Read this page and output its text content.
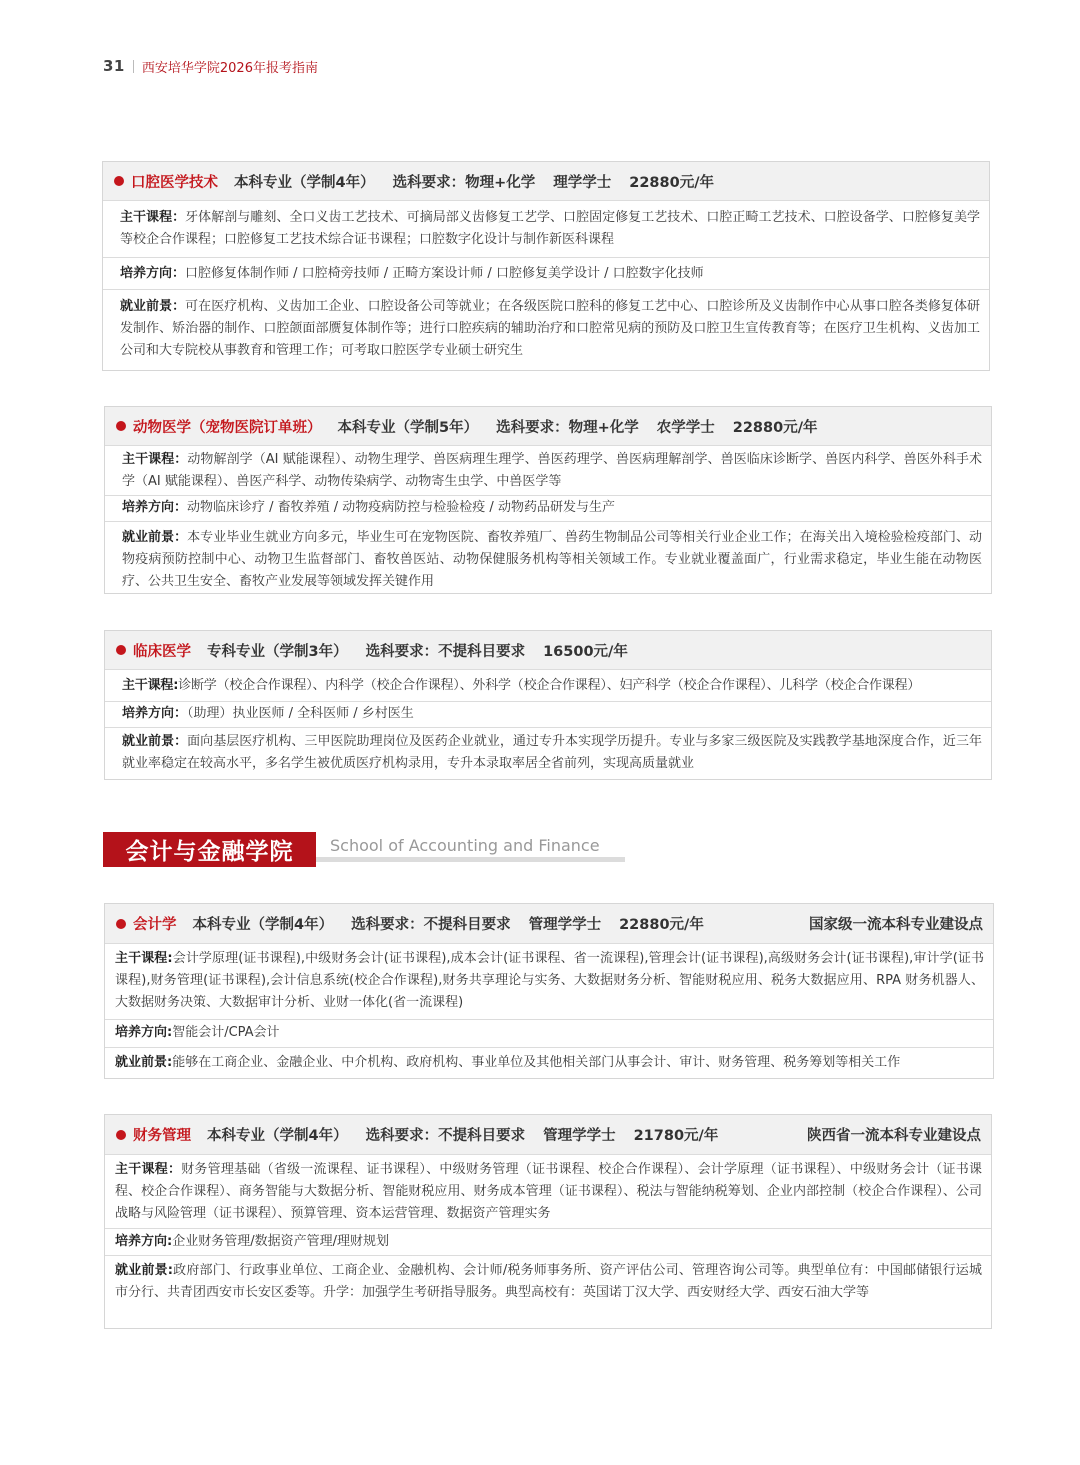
31 西安培华学院2026年报考指南
口腔医学技术 本科专业（学制4年） 选科要求：物理+化学 理学学士 22880元/年
主干课程：牙体解剖与雕刻、全口义齿工艺技术、可摘局部义齿修复工艺学、口腔固定修复工艺技术、口腔正畸工艺技术、口腔设备学、口腔修复美学等校企合作课程；口腔修复工艺技术综合证书课程；口腔数字化设计与制作新医科课程
培养方向：口腔修复体制作师 / 口腔椅旁技师 / 正畸方案设计师 / 口腔修复美学设计 / 口腔数字化技师
就业前景：可在医疗机构、义齿加工企业、口腔设备公司等就业；在各级医院口腔科的修复工艺中心、口腔诊所及义齿制作中心从事口腔各类修复体研发制作、矫治器的制作、口腔颌面部赝复体制作等；进行口腔疾病的辅助治疗和口腔常见病的预防及口腔卫生宣传教育等；在医疗卫生机构、义齿加工公司和大专院校从事教育和管理工作；可考取口腔医学专业硕士研究生
动物医学（宠物医院订单班） 本科专业（学制5年） 选科要求：物理+化学 农学学士 22880元/年
主干课程：动物解剖学（AI 赋能课程）、动物生理学、兽医病理生理学、兽医药理学、兽医病理解剖学、兽医临床诊断学、兽医内科学、兽医外科手术学（AI 赋能课程）、兽医产科学、动物传染病学、动物寄生虫学、中兽医学等
培养方向：动物临床诊疗 / 畜牧养殖 / 动物疫病防控与检验检疫 / 动物药品研发与生产
就业前景：本专业毕业生就业方向多元，毕业生可在宠物医院、畜牧养殖厂、兽药生物制品公司等相关行业企业工作；在海关出入境检验检疫部门、动物疫病预防控制中心、动物卫生监督部门、畜牧兽医站、动物保健服务机构等相关领域工作。专业就业覆盖面广，行业需求稳定，毕业生能在动物医疗、公共卫生安全、畜牧产业发展等领域发挥关键作用
临床医学 专科专业（学制3年） 选科要求：不提科目要求 16500元/年
主干课程:诊断学（校企合作课程）、内科学（校企合作课程）、外科学（校企合作课程）、妇产科学（校企合作课程）、儿科学（校企合作课程）
培养方向：（助理）执业医师 / 全科医师 / 乡村医生
就业前景：面向基层医疗机构、三甲医院助理岗位及医药企业就业，通过专升本实现学历提升。专业与多家三级医院及实践教学基地深度合作，近三年就业率稳定在较高水平，多名学生被优质医疗机构录用，专升本录取率居全省前列，实现高质量就业
会计与金融学院	School of Accounting and Finance
会计学 本科专业（学制4年） 选科要求：不提科目要求 管理学学士 22880元/年	国家级一流本科专业建设点
主干课程:会计学原理(证书课程),中级财务会计(证书课程),成本会计(证书课程、省一流课程),管理会计(证书课程),高级财务会计(证书课程),审计学(证书课程),财务管理(证书课程),会计信息系统(校企合作课程),财务共享理论与实务、大数据财务分析、智能财税应用、税务大数据应用、RPA 财务机器人、大数据财务决策、大数据审计分析、业财一体化(省一流课程)
培养方向:智能会计/CPA会计
就业前景:能够在工商企业、金融企业、中介机构、政府机构、事业单位及其他相关部门从事会计、审计、财务管理、税务筹划等相关工作
财务管理 本科专业（学制4年） 选科要求：不提科目要求 管理学学士 21780元/年	陕西省一流本科专业建设点
主干课程：财务管理基础（省级一流课程、证书课程）、中级财务管理（证书课程、校企合作课程）、会计学原理（证书课程）、中级财务会计（证书课程、校企合作课程）、商务智能与大数据分析、智能财税应用、财务成本管理（证书课程）、税法与智能纳税筹划、企业内部控制（校企合作课程）、公司战略与风险管理（证书课程）、预算管理、资本运营管理、数据资产管理实务
培养方向:企业财务管理/数据资产管理/理财规划
就业前景:政府部门、行政事业单位、工商企业、金融机构、会计师/税务师事务所、资产评估公司、管理咨询公司等。典型单位有：中国邮储银行运城市分行、共青团西安市长安区委等。升学：加强学生考研指导服务。典型高校有：英国诺丁汉大学、西安财经大学、西安石油大学等
